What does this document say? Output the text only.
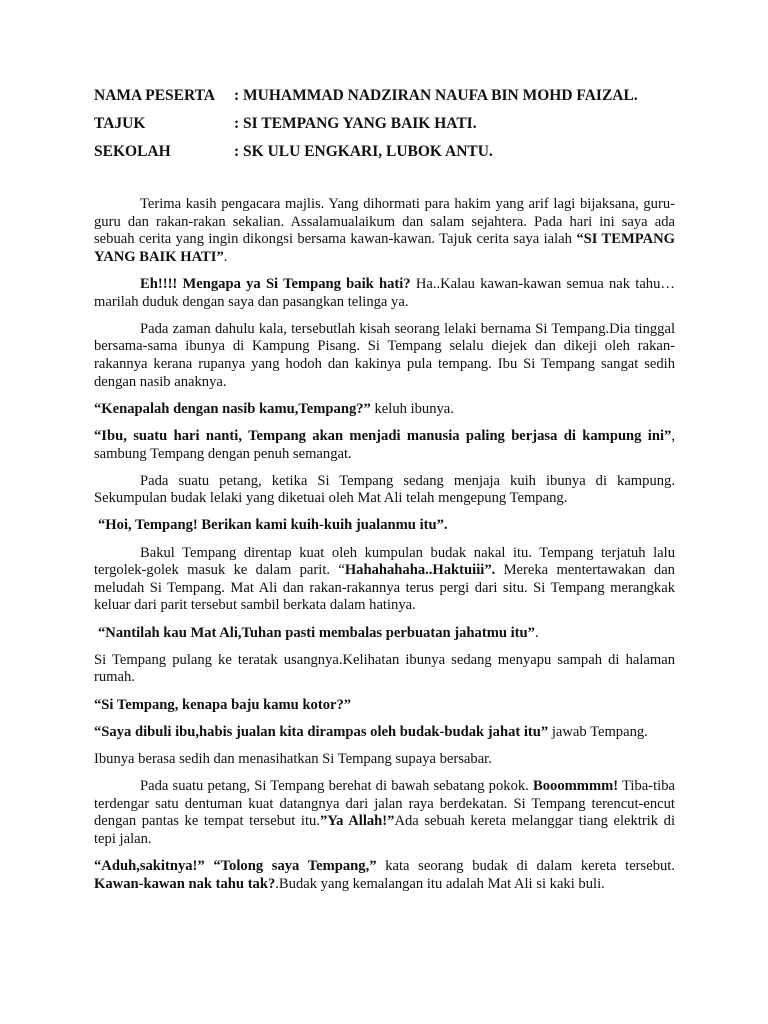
NAMA PESERTA	: MUHAMMAD NADZIRAN NAUFA BIN MOHD FAIZAL.
TAJUK	: SI TEMPANG YANG BAIK HATI.
SEKOLAH	: SK ULU ENGKARI, LUBOK ANTU.

Terima kasih pengacara majlis. Yang dihormati para hakim yang arif lagi bijaksana, guru-guru dan rakan-rakan sekalian. Assalamualaikum dan salam sejahtera. Pada hari ini saya ada sebuah cerita yang ingin dikongsi bersama kawan-kawan. Tajuk cerita saya ialah “SI TEMPANG YANG BAIK HATI”.

Eh!!!! Mengapa ya Si Tempang baik hati? Ha..Kalau kawan-kawan semua nak tahu…marilah duduk dengan saya dan pasangkan telinga ya.

Pada zaman dahulu kala, tersebutlah kisah seorang lelaki bernama Si Tempang.Dia tinggal bersama-sama ibunya di Kampung Pisang. Si Tempang selalu diejek dan dikeji oleh rakan-rakannya kerana rupanya yang hodoh dan kakinya pula tempang. Ibu Si Tempang sangat sedih dengan nasib anaknya.

“Kenapalah dengan nasib kamu,Tempang?” keluh ibunya.

“Ibu, suatu hari nanti, Tempang akan menjadi manusia paling berjasa di kampung ini”, sambung Tempang dengan penuh semangat.

Pada suatu petang, ketika Si Tempang sedang menjaja kuih ibunya di kampung. Sekumpulan budak lelaki yang diketuai oleh Mat Ali telah mengepung Tempang.

“Hoi, Tempang! Berikan kami kuih-kuih jualanmu itu”.

Bakul Tempang direntap kuat oleh kumpulan budak nakal itu. Tempang terjatuh lalu tergolek-golek masuk ke dalam parit. “Hahahahaha..Haktuiii”. Mereka mentertawakan dan meludah Si Tempang. Mat Ali dan rakan-rakannya terus pergi dari situ. Si Tempang merangkak keluar dari parit tersebut sambil berkata dalam hatinya.

“Nantilah kau Mat Ali,Tuhan pasti membalas perbuatan jahatmu itu”.

Si Tempang pulang ke teratak usangnya.Kelihatan ibunya sedang menyapu sampah di halaman rumah.

“Si Tempang, kenapa baju kamu kotor?”

“Saya dibuli ibu,habis jualan kita dirampas oleh budak-budak jahat itu” jawab Tempang.

Ibunya berasa sedih dan menasihatkan Si Tempang supaya bersabar.

Pada suatu petang, Si Tempang berehat di bawah sebatang pokok. Booommmm! Tiba-tiba terdengar satu dentuman kuat datangnya dari jalan raya berdekatan. Si Tempang terencut-encut dengan pantas ke tempat tersebut itu.”Ya Allah!”Ada sebuah kereta melanggar tiang elektrik di tepi jalan.

“Aduh,sakitnya!” “Tolong saya Tempang,” kata seorang budak di dalam kereta tersebut. Kawan-kawan nak tahu tak?.Budak yang kemalangan itu adalah Mat Ali si kaki buli.
